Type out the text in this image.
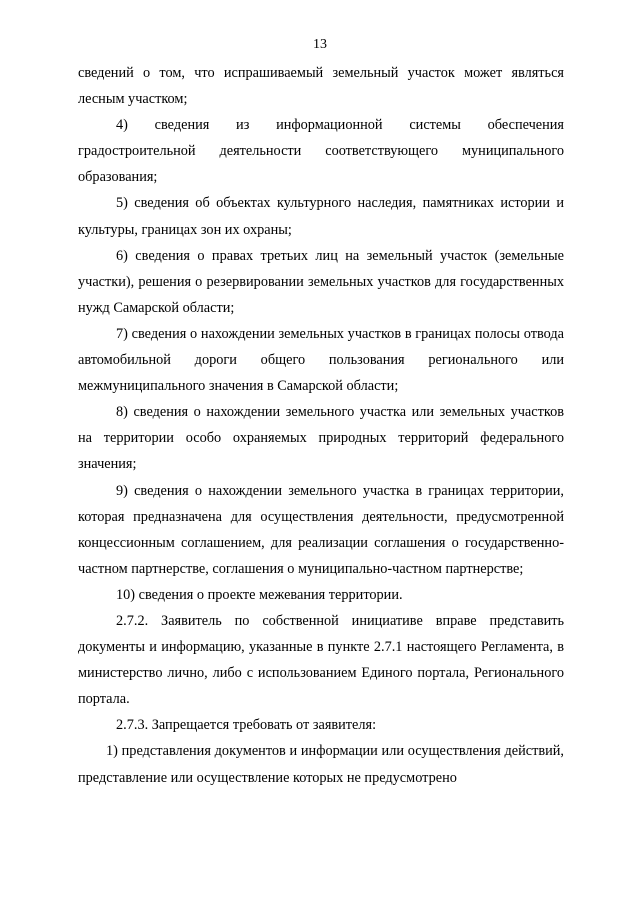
13

сведений о том, что испрашиваемый земельный участок может являться лесным участком;

4) сведения из информационной системы обеспечения градостроительной деятельности соответствующего муниципального образования;

5) сведения об объектах культурного наследия, памятниках истории и культуры, границах зон их охраны;

6) сведения о правах третьих лиц на земельный участок (земельные участки), решения о резервировании земельных участков для государственных нужд Самарской области;

7) сведения о нахождении земельных участков в границах полосы отвода автомобильной дороги общего пользования регионального или межмуниципального значения в Самарской области;

8) сведения о нахождении земельного участка или земельных участков на территории особо охраняемых природных территорий федерального значения;

9) сведения о нахождении земельного участка в границах территории, которая предназначена для осуществления деятельности, предусмотренной концессионным соглашением, для реализации соглашения о государственно-частном партнерстве, соглашения о муниципально-частном партнерстве;

10) сведения о проекте межевания территории.

2.7.2. Заявитель по собственной инициативе вправе представить документы и информацию, указанные в пункте 2.7.1 настоящего Регламента, в министерство лично, либо с использованием Единого портала, Регионального портала.

2.7.3. Запрещается требовать от заявителя:

1) представления документов и информации или осуществления действий, представление или осуществление которых не предусмотрено
